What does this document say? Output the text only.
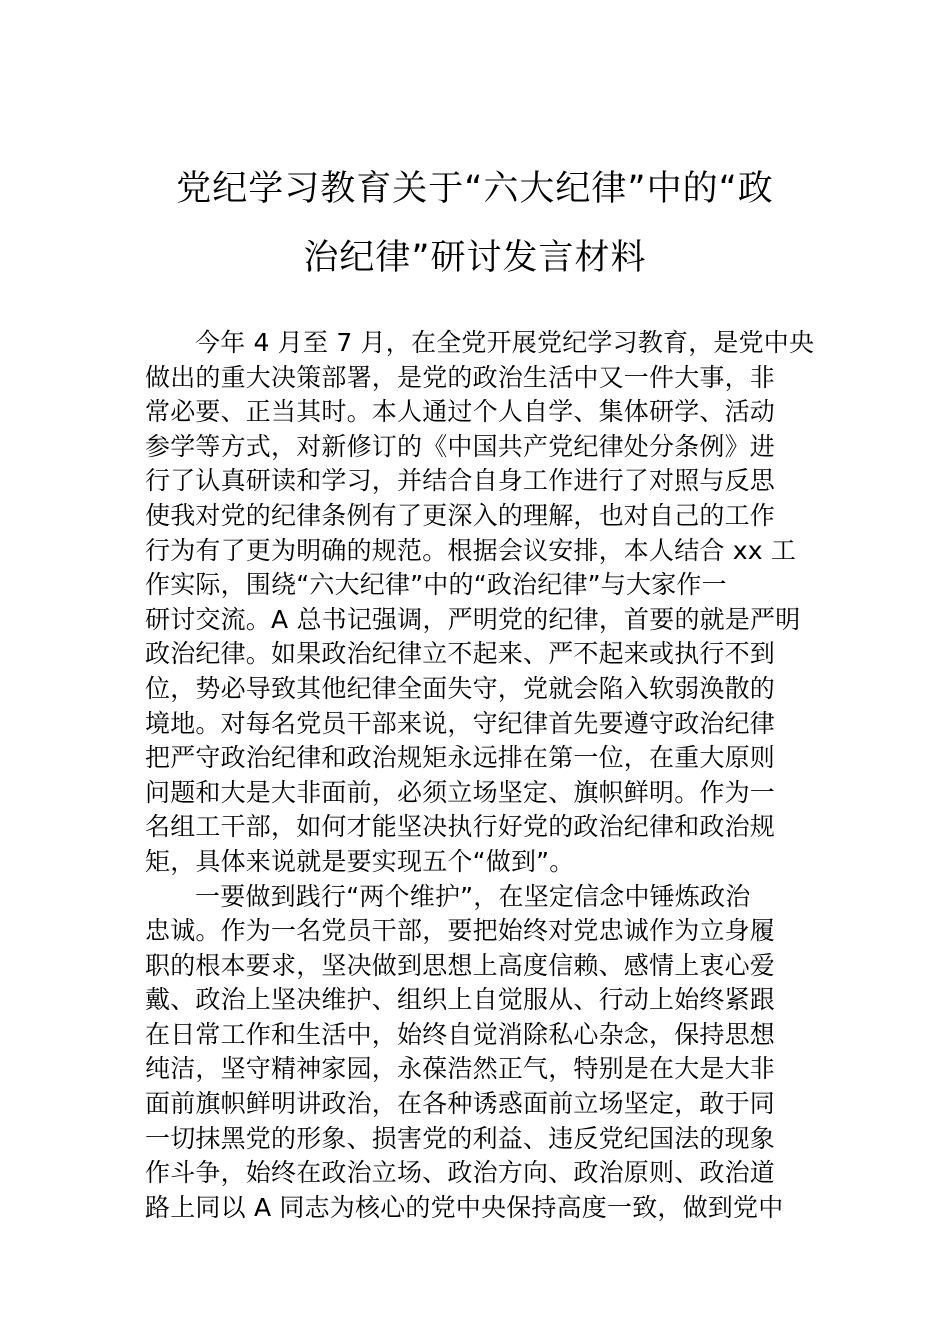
党纪学习教育关于“六大纪律”中的“政
治纪律”研讨发言材料
今年 4 月至 7 月，在全党开展党纪学习教育，是党中央
做出的重大决策部署，是党的政治生活中又一件大事，非
常必要、正当其时。本人通过个人自学、集体研学、活动
参学等方式，对新修订的《中国共产党纪律处分条例》进
行了认真研读和学习，并结合自身工作进行了对照与反思
使我对党的纪律条例有了更深入的理解，也对自己的工作
行为有了更为明确的规范。根据会议安排，本人结合 xx 工
作实际，围绕“六大纪律”中的“政治纪律”与大家作一
研讨交流。A 总书记强调，严明党的纪律，首要的就是严明
政治纪律。如果政治纪律立不起来、严不起来或执行不到
位，势必导致其他纪律全面失守，党就会陷入软弱涣散的
境地。对每名党员干部来说，守纪律首先要遵守政治纪律
把严守政治纪律和政治规矩永远排在第一位，在重大原则
问题和大是大非面前，必须立场坚定、旗帜鲜明。作为一
名组工干部，如何才能坚决执行好党的政治纪律和政治规
矩，具体来说就是要实现五个“做到”。
一要做到践行“两个维护”，在坚定信念中锤炼政治
忠诚。作为一名党员干部，要把始终对党忠诚作为立身履
职的根本要求，坚决做到思想上高度信赖、感情上衷心爱
戴、政治上坚决维护、组织上自觉服从、行动上始终紧跟
在日常工作和生活中，始终自觉消除私心杂念，保持思想
纯洁，坚守精神家园，永葆浩然正气，特别是在大是大非
面前旗帜鲜明讲政治，在各种诱惑面前立场坚定，敢于同
一切抹黑党的形象、损害党的利益、违反党纪国法的现象
作斗争，始终在政治立场、政治方向、政治原则、政治道
路上同以 A 同志为核心的党中央保持高度一致，做到党中
